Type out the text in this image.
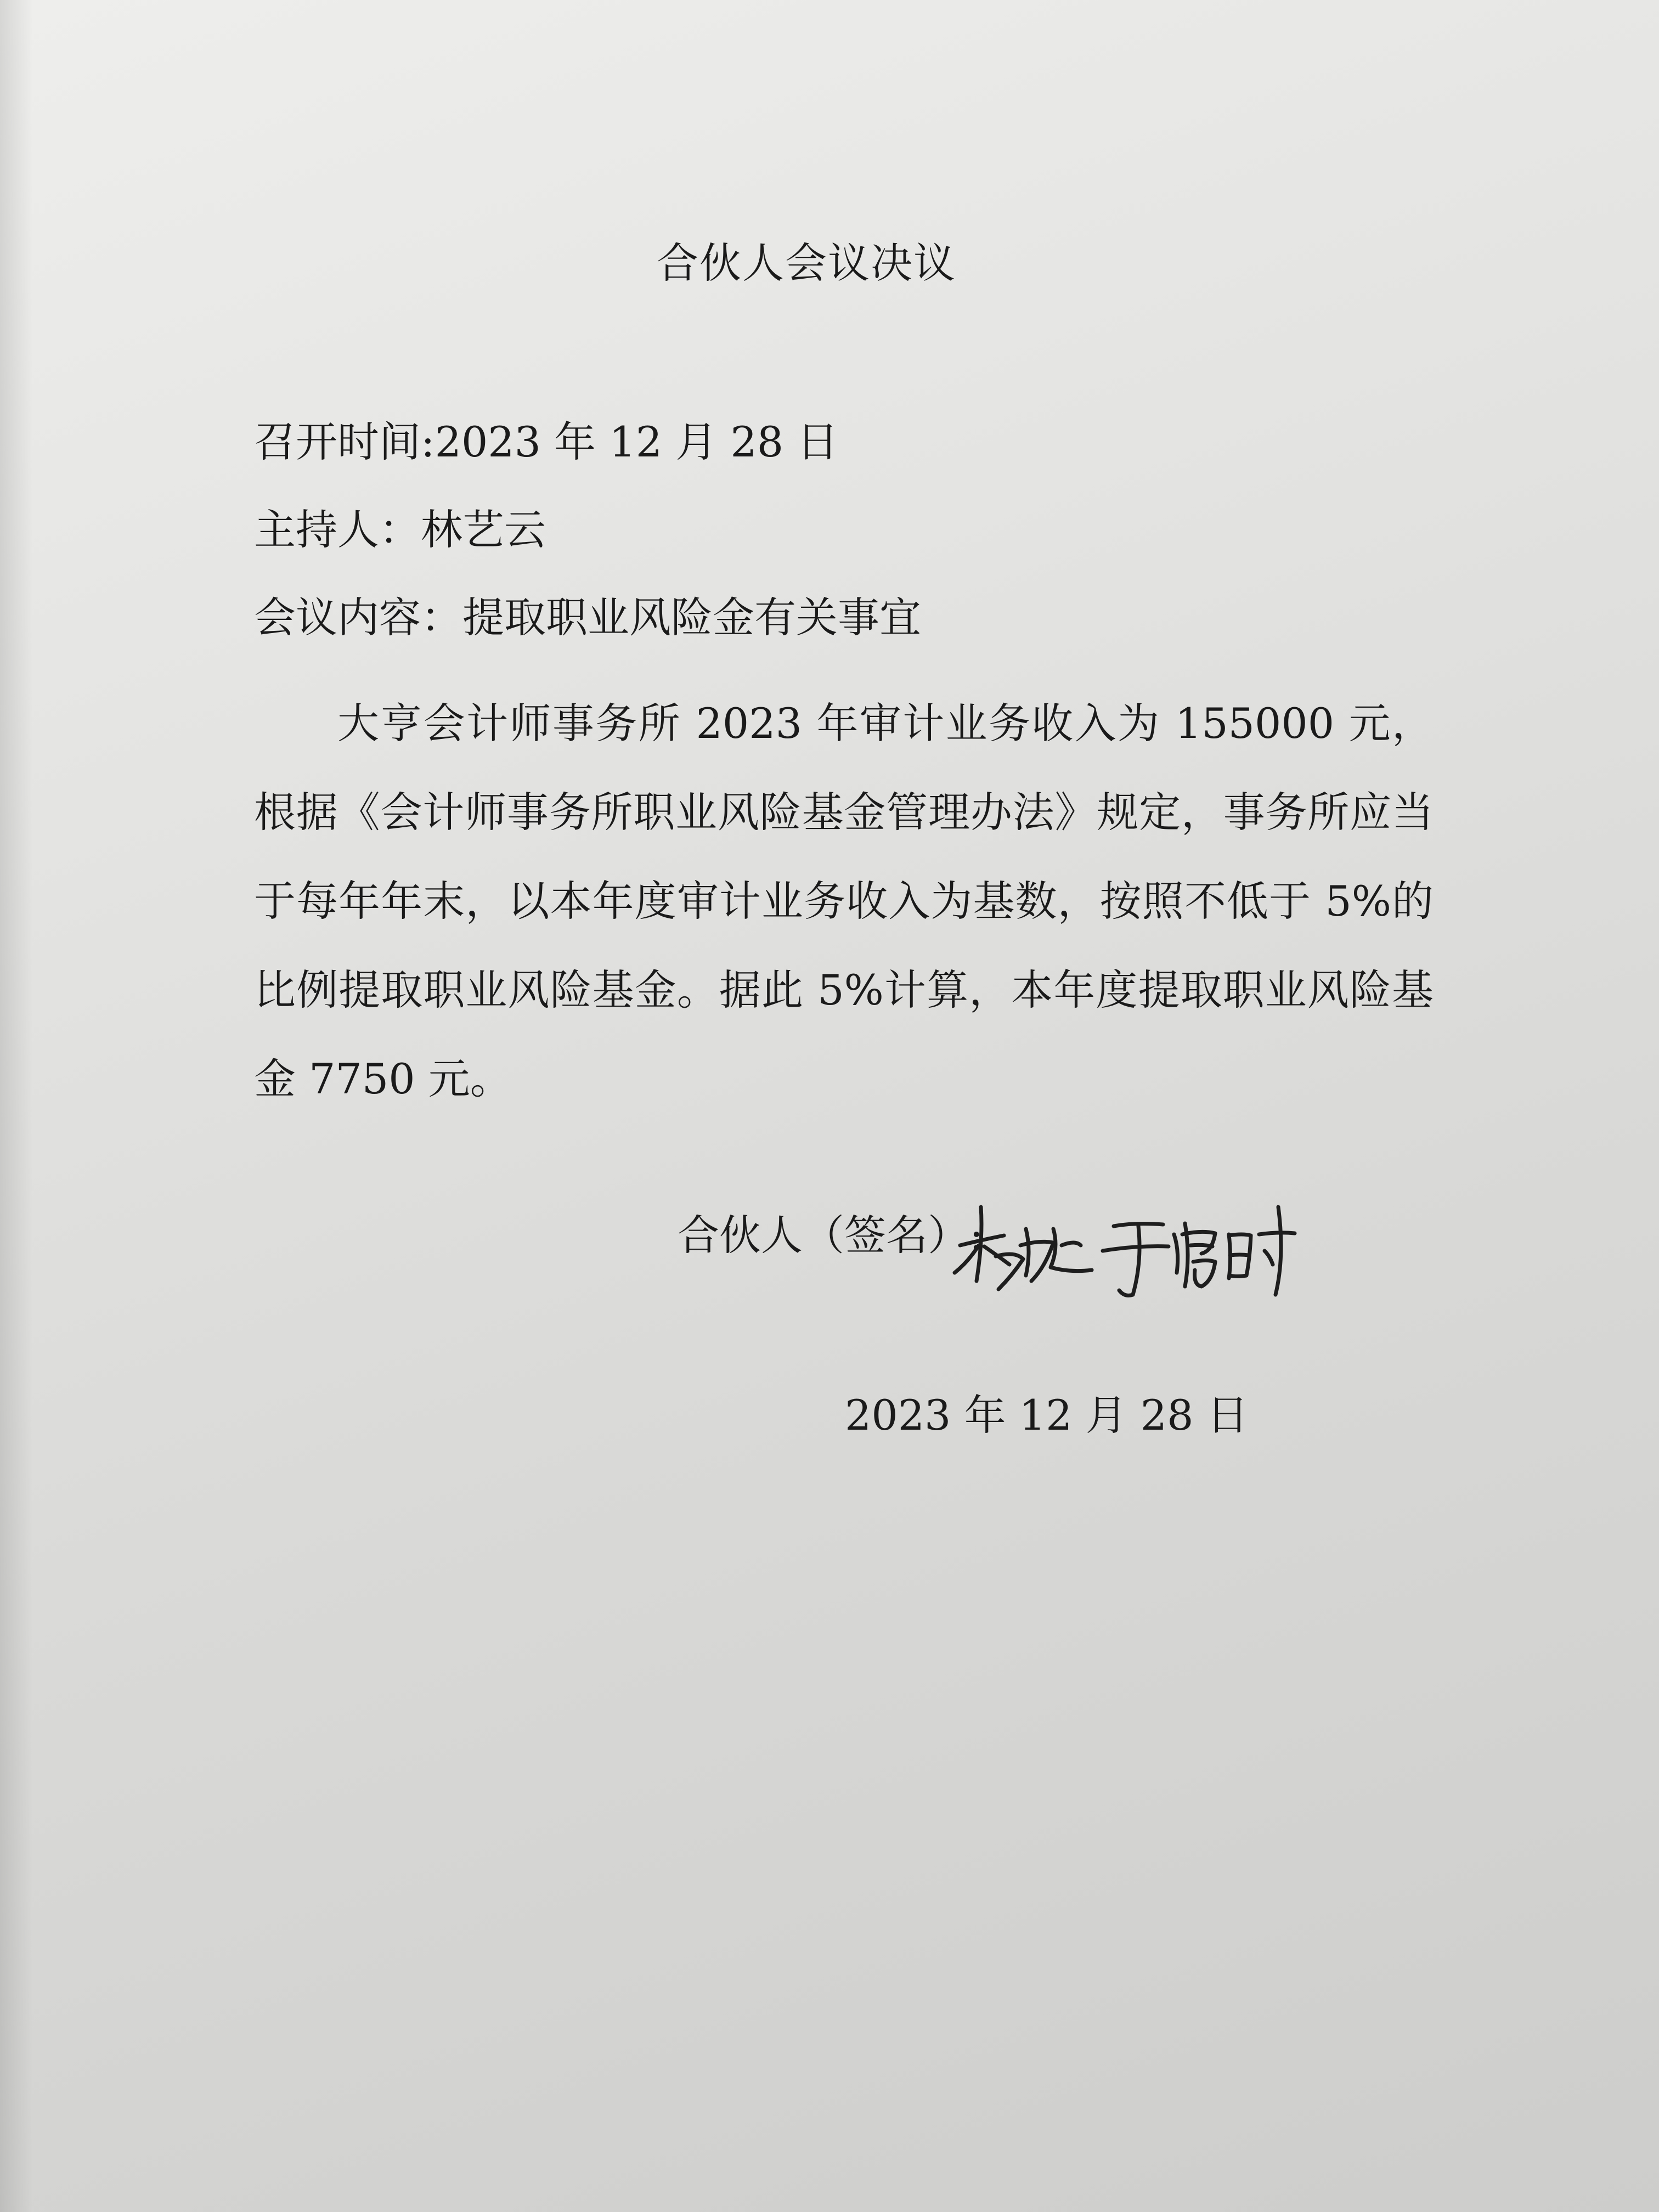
合伙人会议决议
召开时间:2023 年 12 月 28 日
主持人：林艺云
会议内容：提取职业风险金有关事宜

大亨会计师事务所 2023 年审计业务收入为 155000 元，根据《会计师事务所职业风险基金管理办法》规定，事务所应当于每年年末，以本年度审计业务收入为基数，按照不低于 5%的比例提取职业风险基金。据此 5%计算，本年度提取职业风险基金 7750 元。

合伙人（签名）:
2023 年 12 月 28 日
